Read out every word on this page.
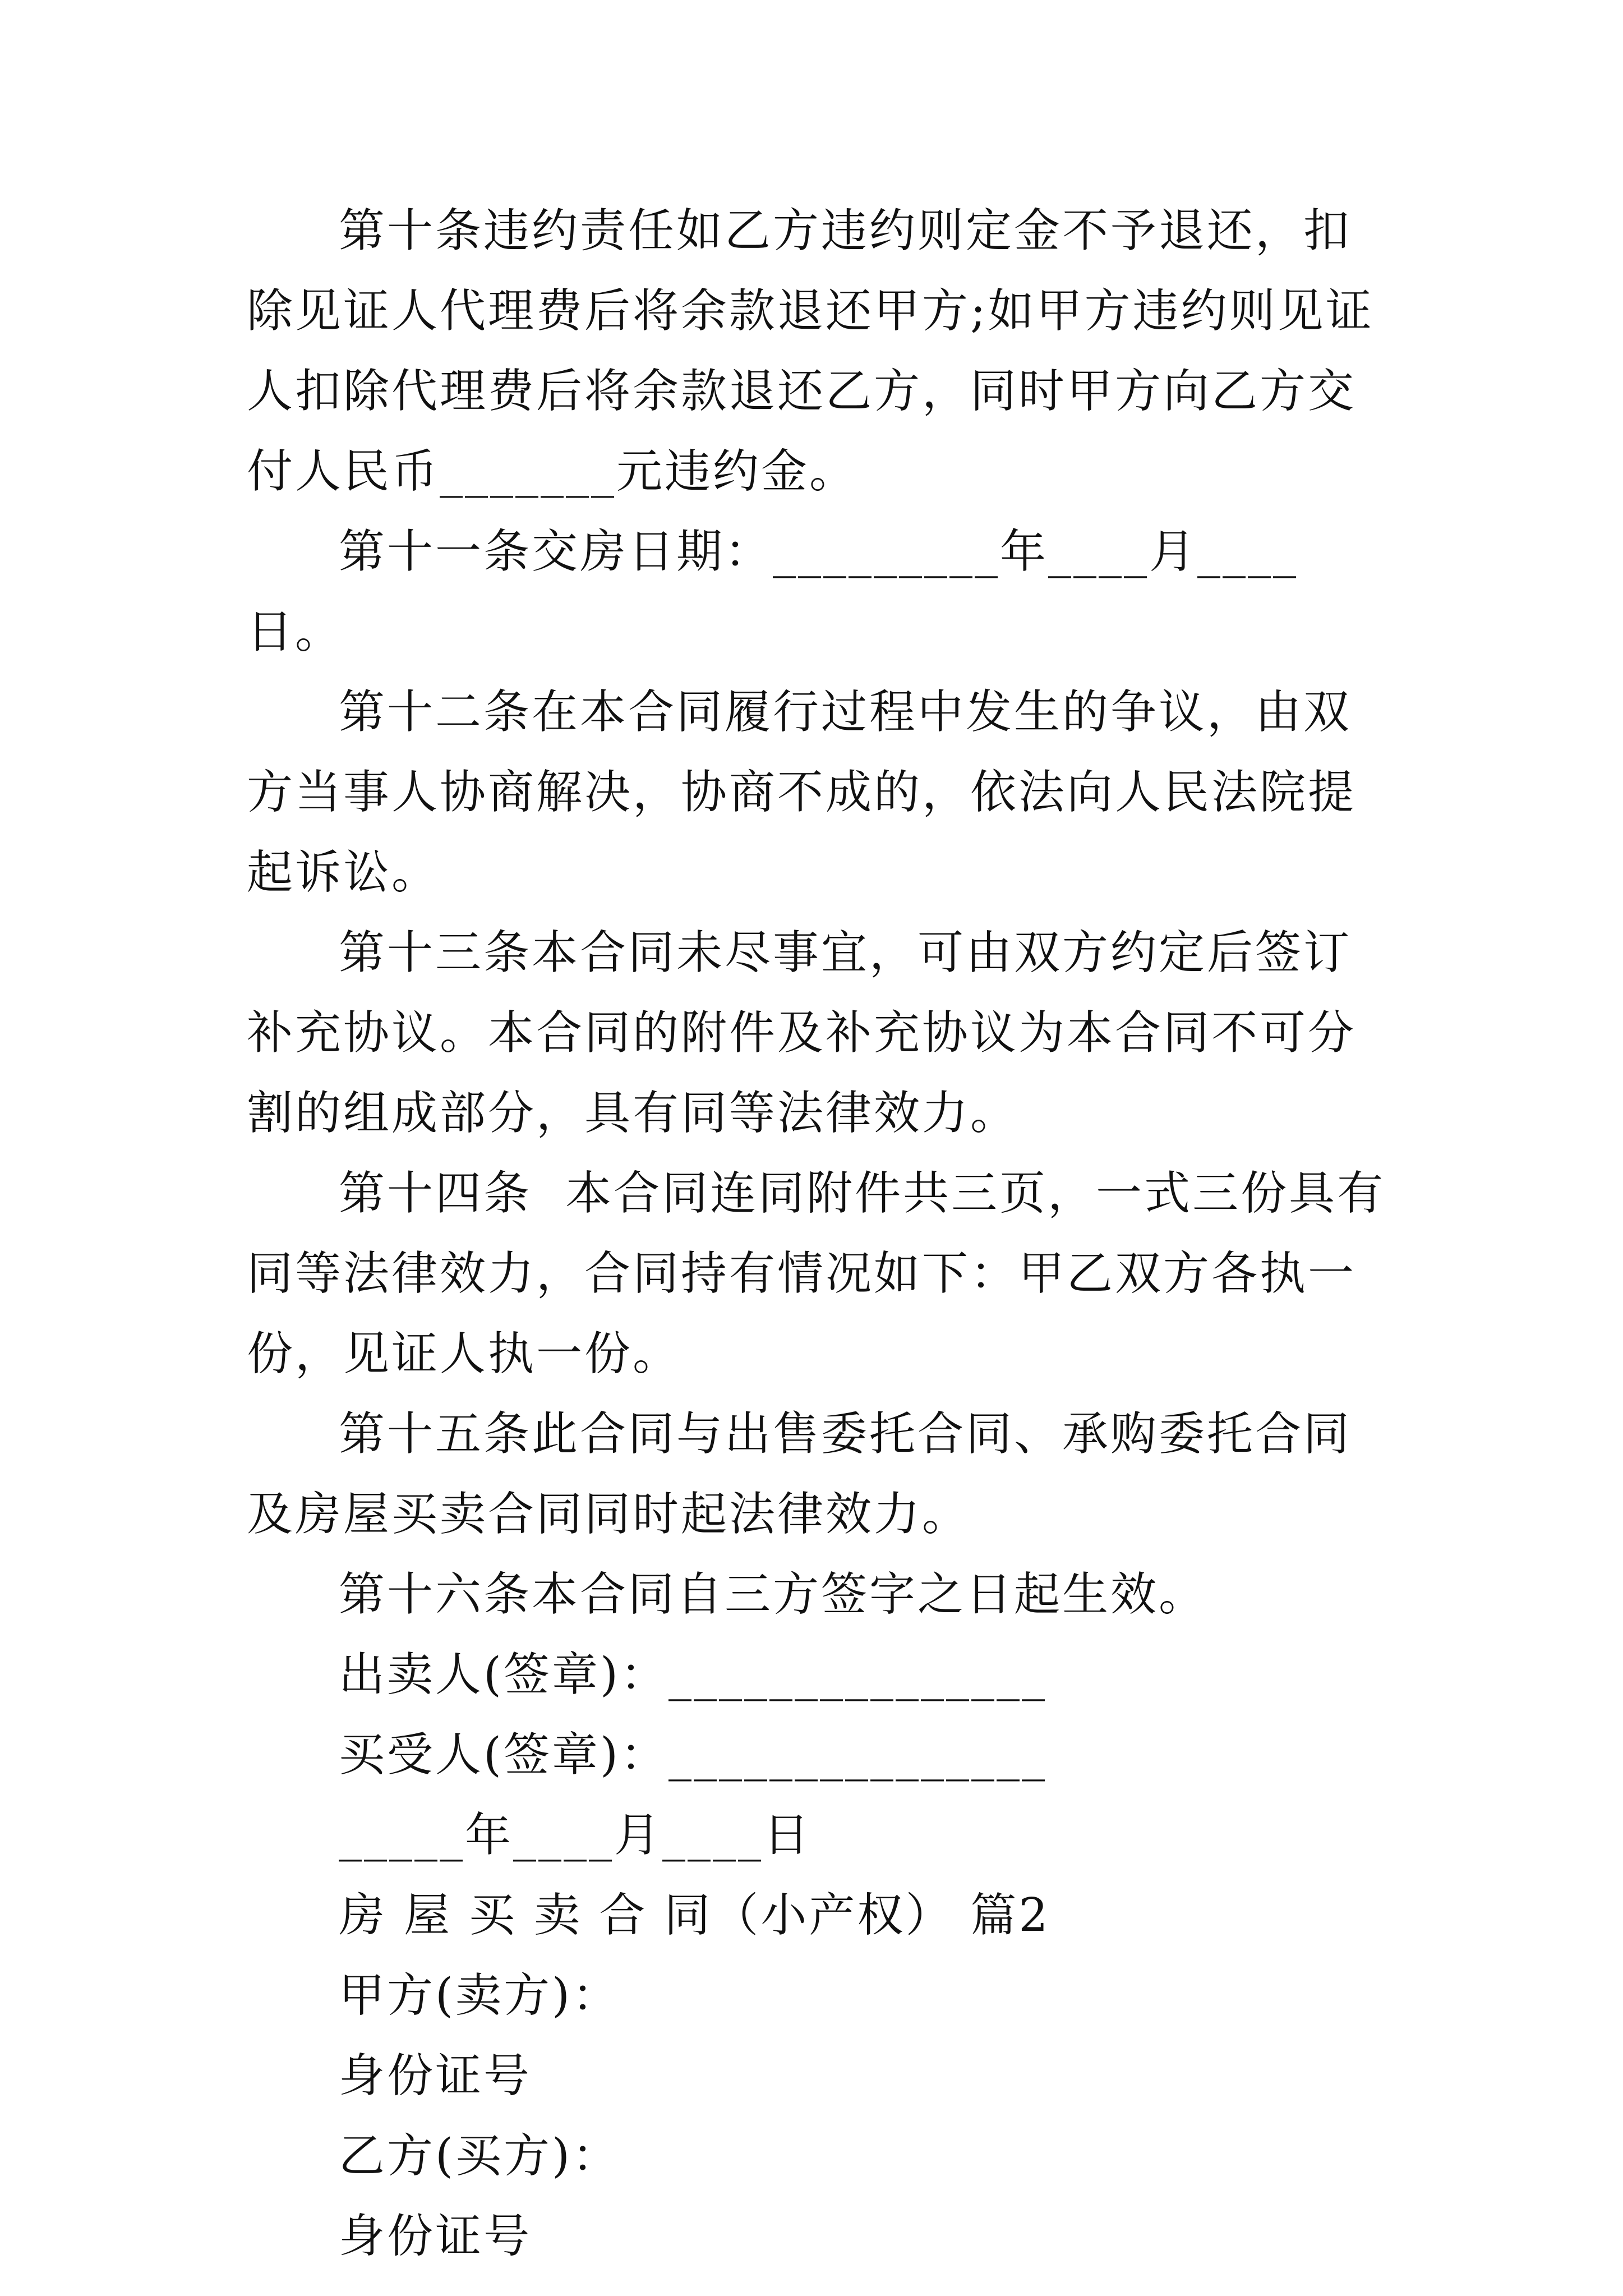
第十条违约责任如乙方违约则定金不予退还，扣除见证人代理费后将余款退还甲方;如甲方违约则见证人扣除代理费后将余款退还乙方，同时甲方向乙方交付人民币_______元违约金。

第十一条交房日期：_________年____月____日。

第十二条在本合同履行过程中发生的争议，由双方当事人协商解决，协商不成的，依法向人民法院提起诉讼。

第十三条本合同未尽事宜，可由双方约定后签订补充协议。本合同的附件及补充协议为本合同不可分割的组成部分，具有同等法律效力。

第十四条  本合同连同附件共三页，一式三份具有同等法律效力，合同持有情况如下：甲乙双方各执一份，见证人执一份。

第十五条此合同与出售委托合同、承购委托合同及房屋买卖合同同时起法律效力。

第十六条本合同自三方签字之日起生效。

出卖人(签章)：_______________

买受人(签章)：_______________

_____年____月____日

房 屋 买 卖 合 同（小产权） 篇2

甲方(卖方)：

身份证号

乙方(买方)：

身份证号
